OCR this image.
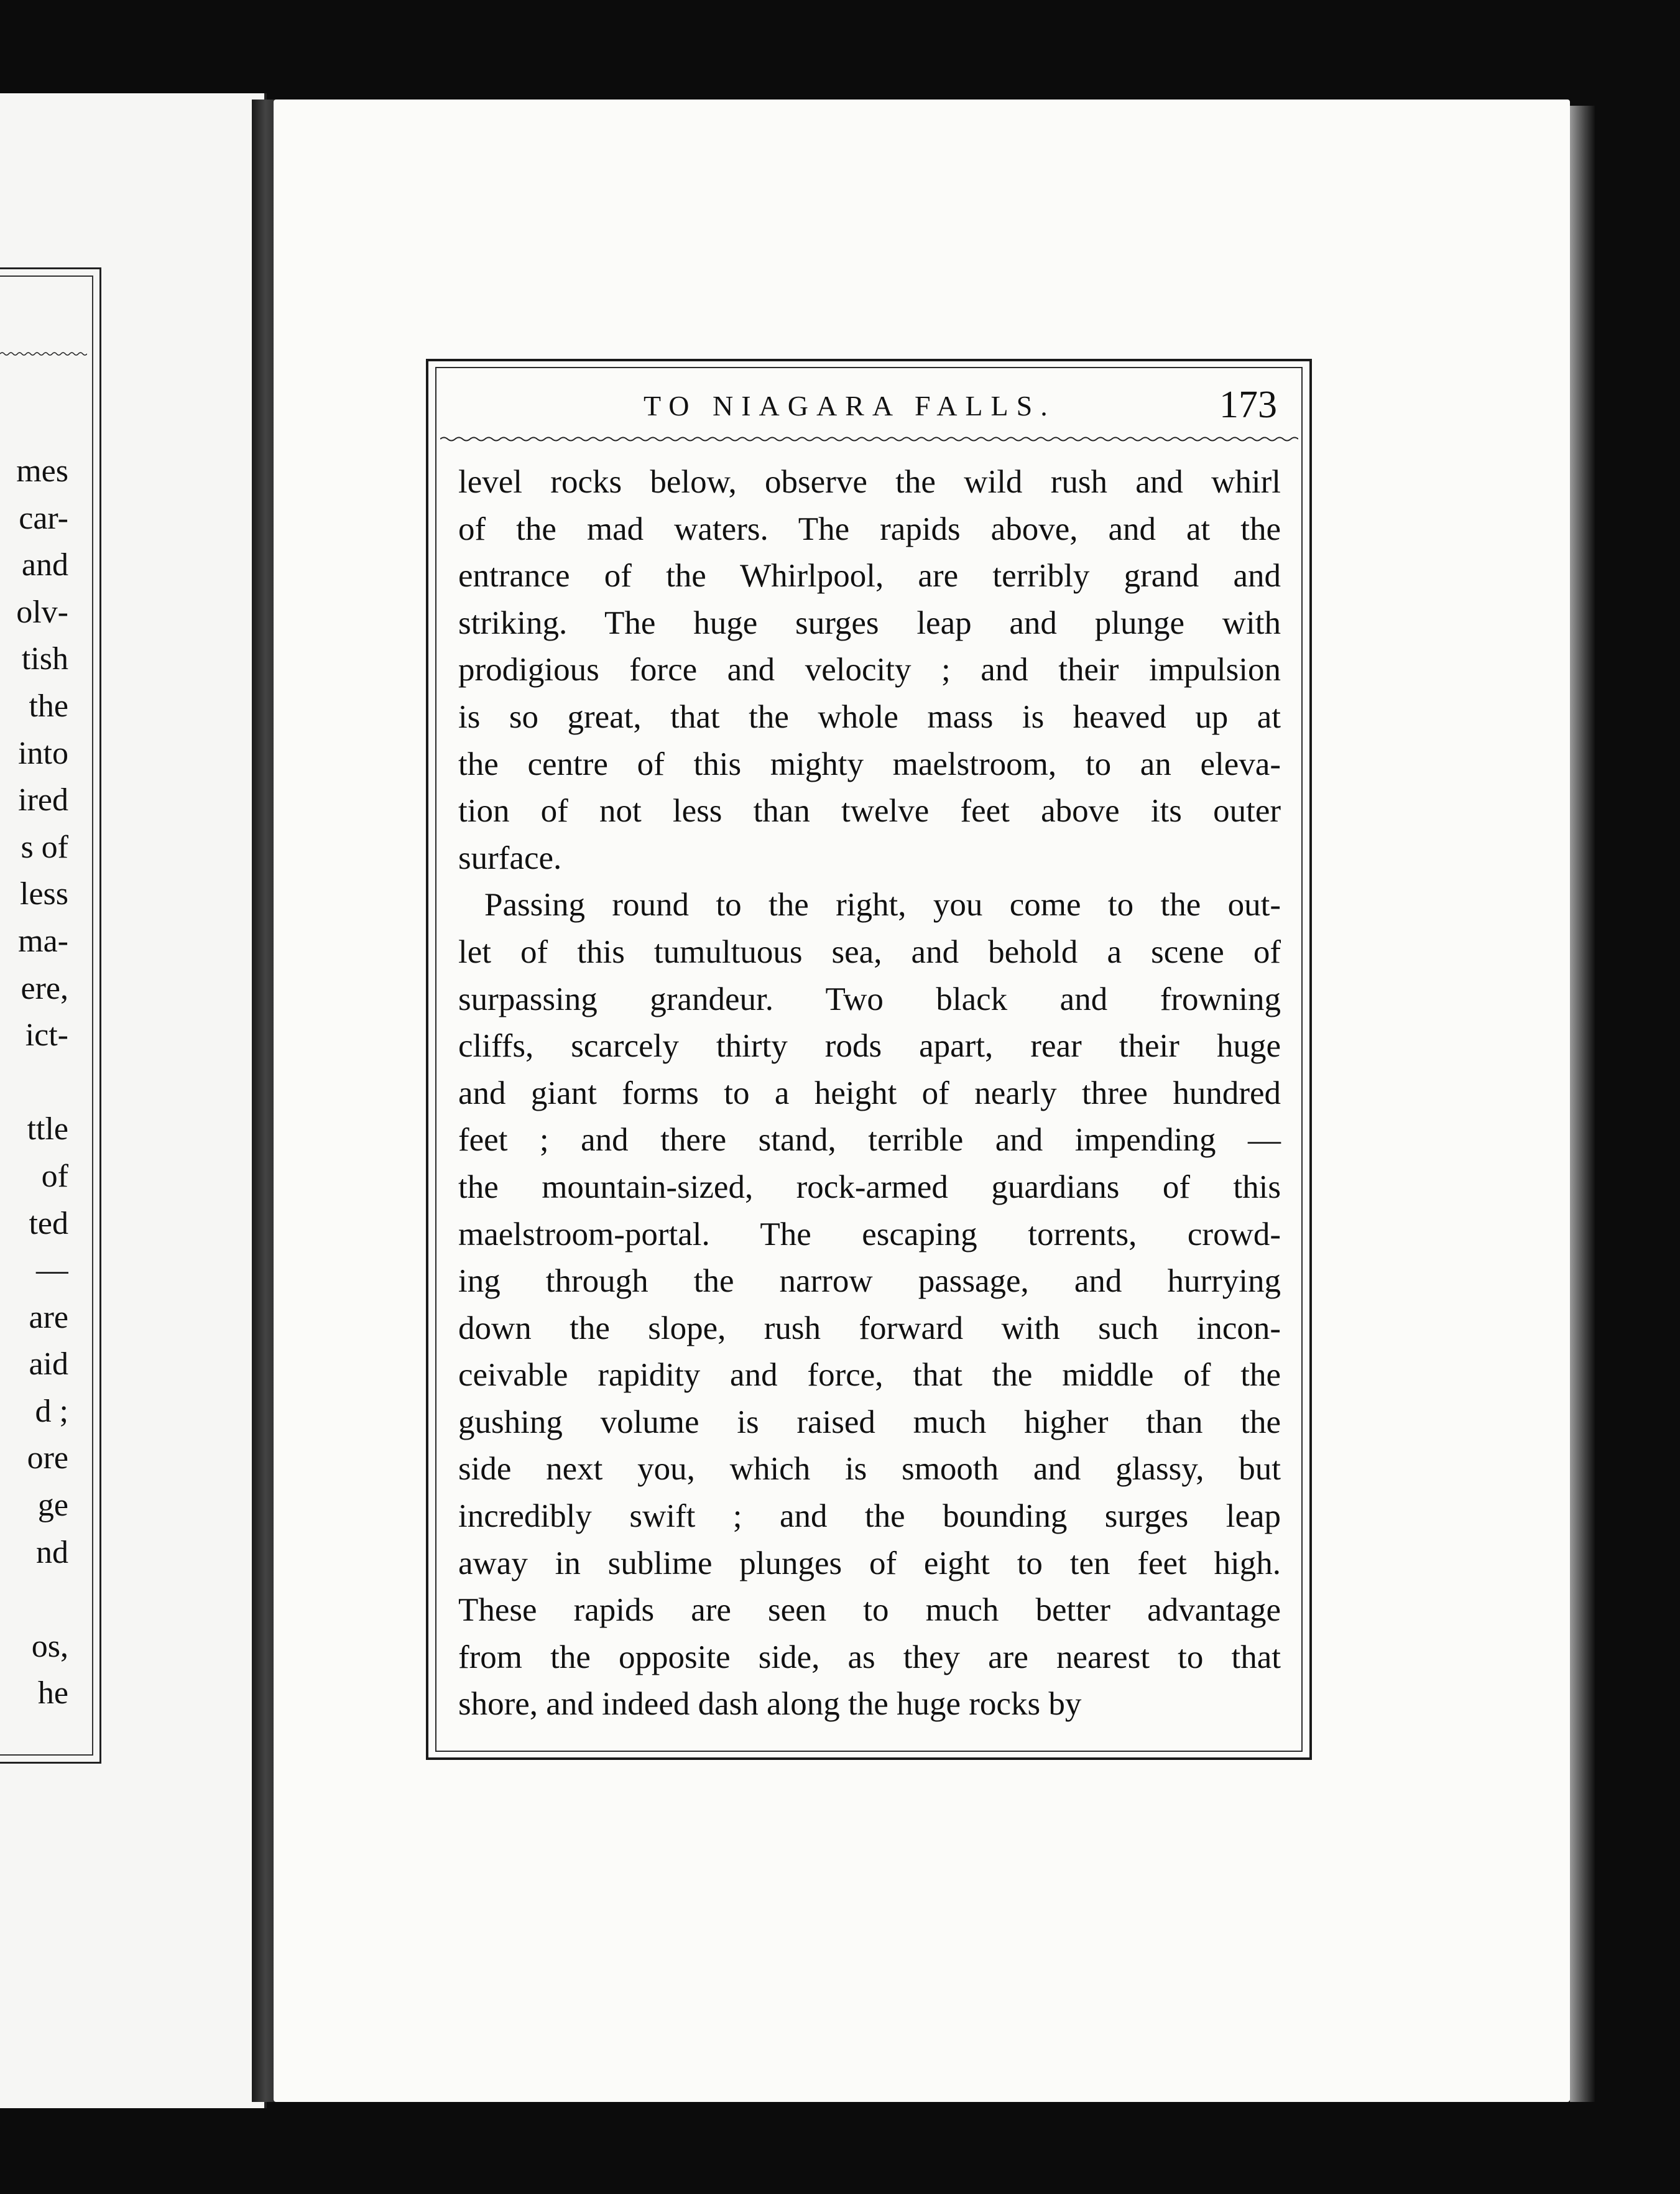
mes
car-
and
olv-
tish
the
into
ired
s of
less
ma-
ere,
ict-
ttle
of
ted
—
are
aid
d ;
ore
ge
nd
os,
he
TO NIAGARA FALLS.	173
level rocks below, observe the wild rush and whirl
of the mad waters. The rapids above, and at the
entrance of the Whirlpool, are terribly grand and
striking. The huge surges leap and plunge with
prodigious force and velocity ; and their impulsion
is so great, that the whole mass is heaved up at
the centre of this mighty maelstroom, to an eleva-
tion of not less than twelve feet above its outer
surface.
Passing round to the right, you come to the out-
let of this tumultuous sea, and behold a scene of
surpassing grandeur. Two black and frowning
cliffs, scarcely thirty rods apart, rear their huge
and giant forms to a height of nearly three hundred
feet ; and there stand, terrible and impending —
the mountain-sized, rock-armed guardians of this
maelstroom-portal. The escaping torrents, crowd-
ing through the narrow passage, and hurrying
down the slope, rush forward with such incon-
ceivable rapidity and force, that the middle of the
gushing volume is raised much higher than the
side next you, which is smooth and glassy, but
incredibly swift ; and the bounding surges leap
away in sublime plunges of eight to ten feet high.
These rapids are seen to much better advantage
from the opposite side, as they are nearest to that
shore, and indeed dash along the huge rocks by
